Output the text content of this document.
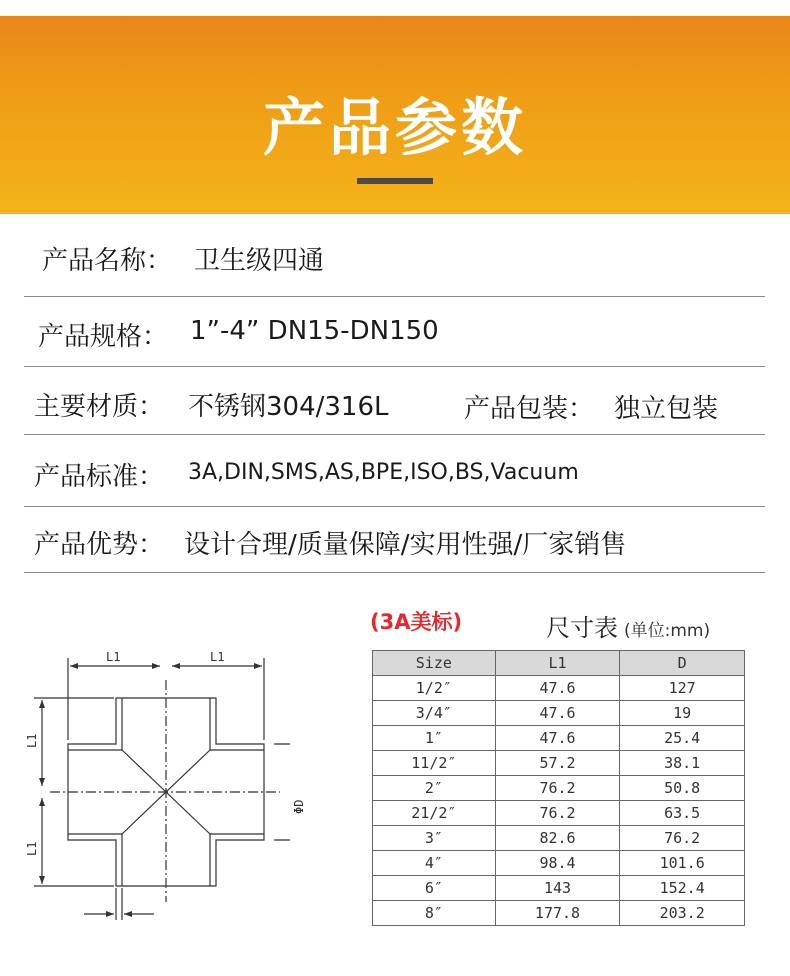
产品参数
产品名称： 卫生级四通
产品规格： 1”-4” DN15-DN150
主要材质： 不锈钢304/316L	产品包装： 独立包装
产品标准： 3A,DIN,SMS,AS,BPE,ISO,BS,Vacuum
产品优势： 设计合理/质量保障/实用性强/厂家销售
(3A美标)	尺寸表 (单位:mm)
L1	L1
L1
L1
ΦD
Size	L1	D
1/2″	47.6	127
3/4″	47.6	19
1″	47.6	25.4
11/2″	57.2	38.1
2″	76.2	50.8
21/2″	76.2	63.5
3″	82.6	76.2
4″	98.4	101.6
6″	143	152.4
8″	177.8	203.2
